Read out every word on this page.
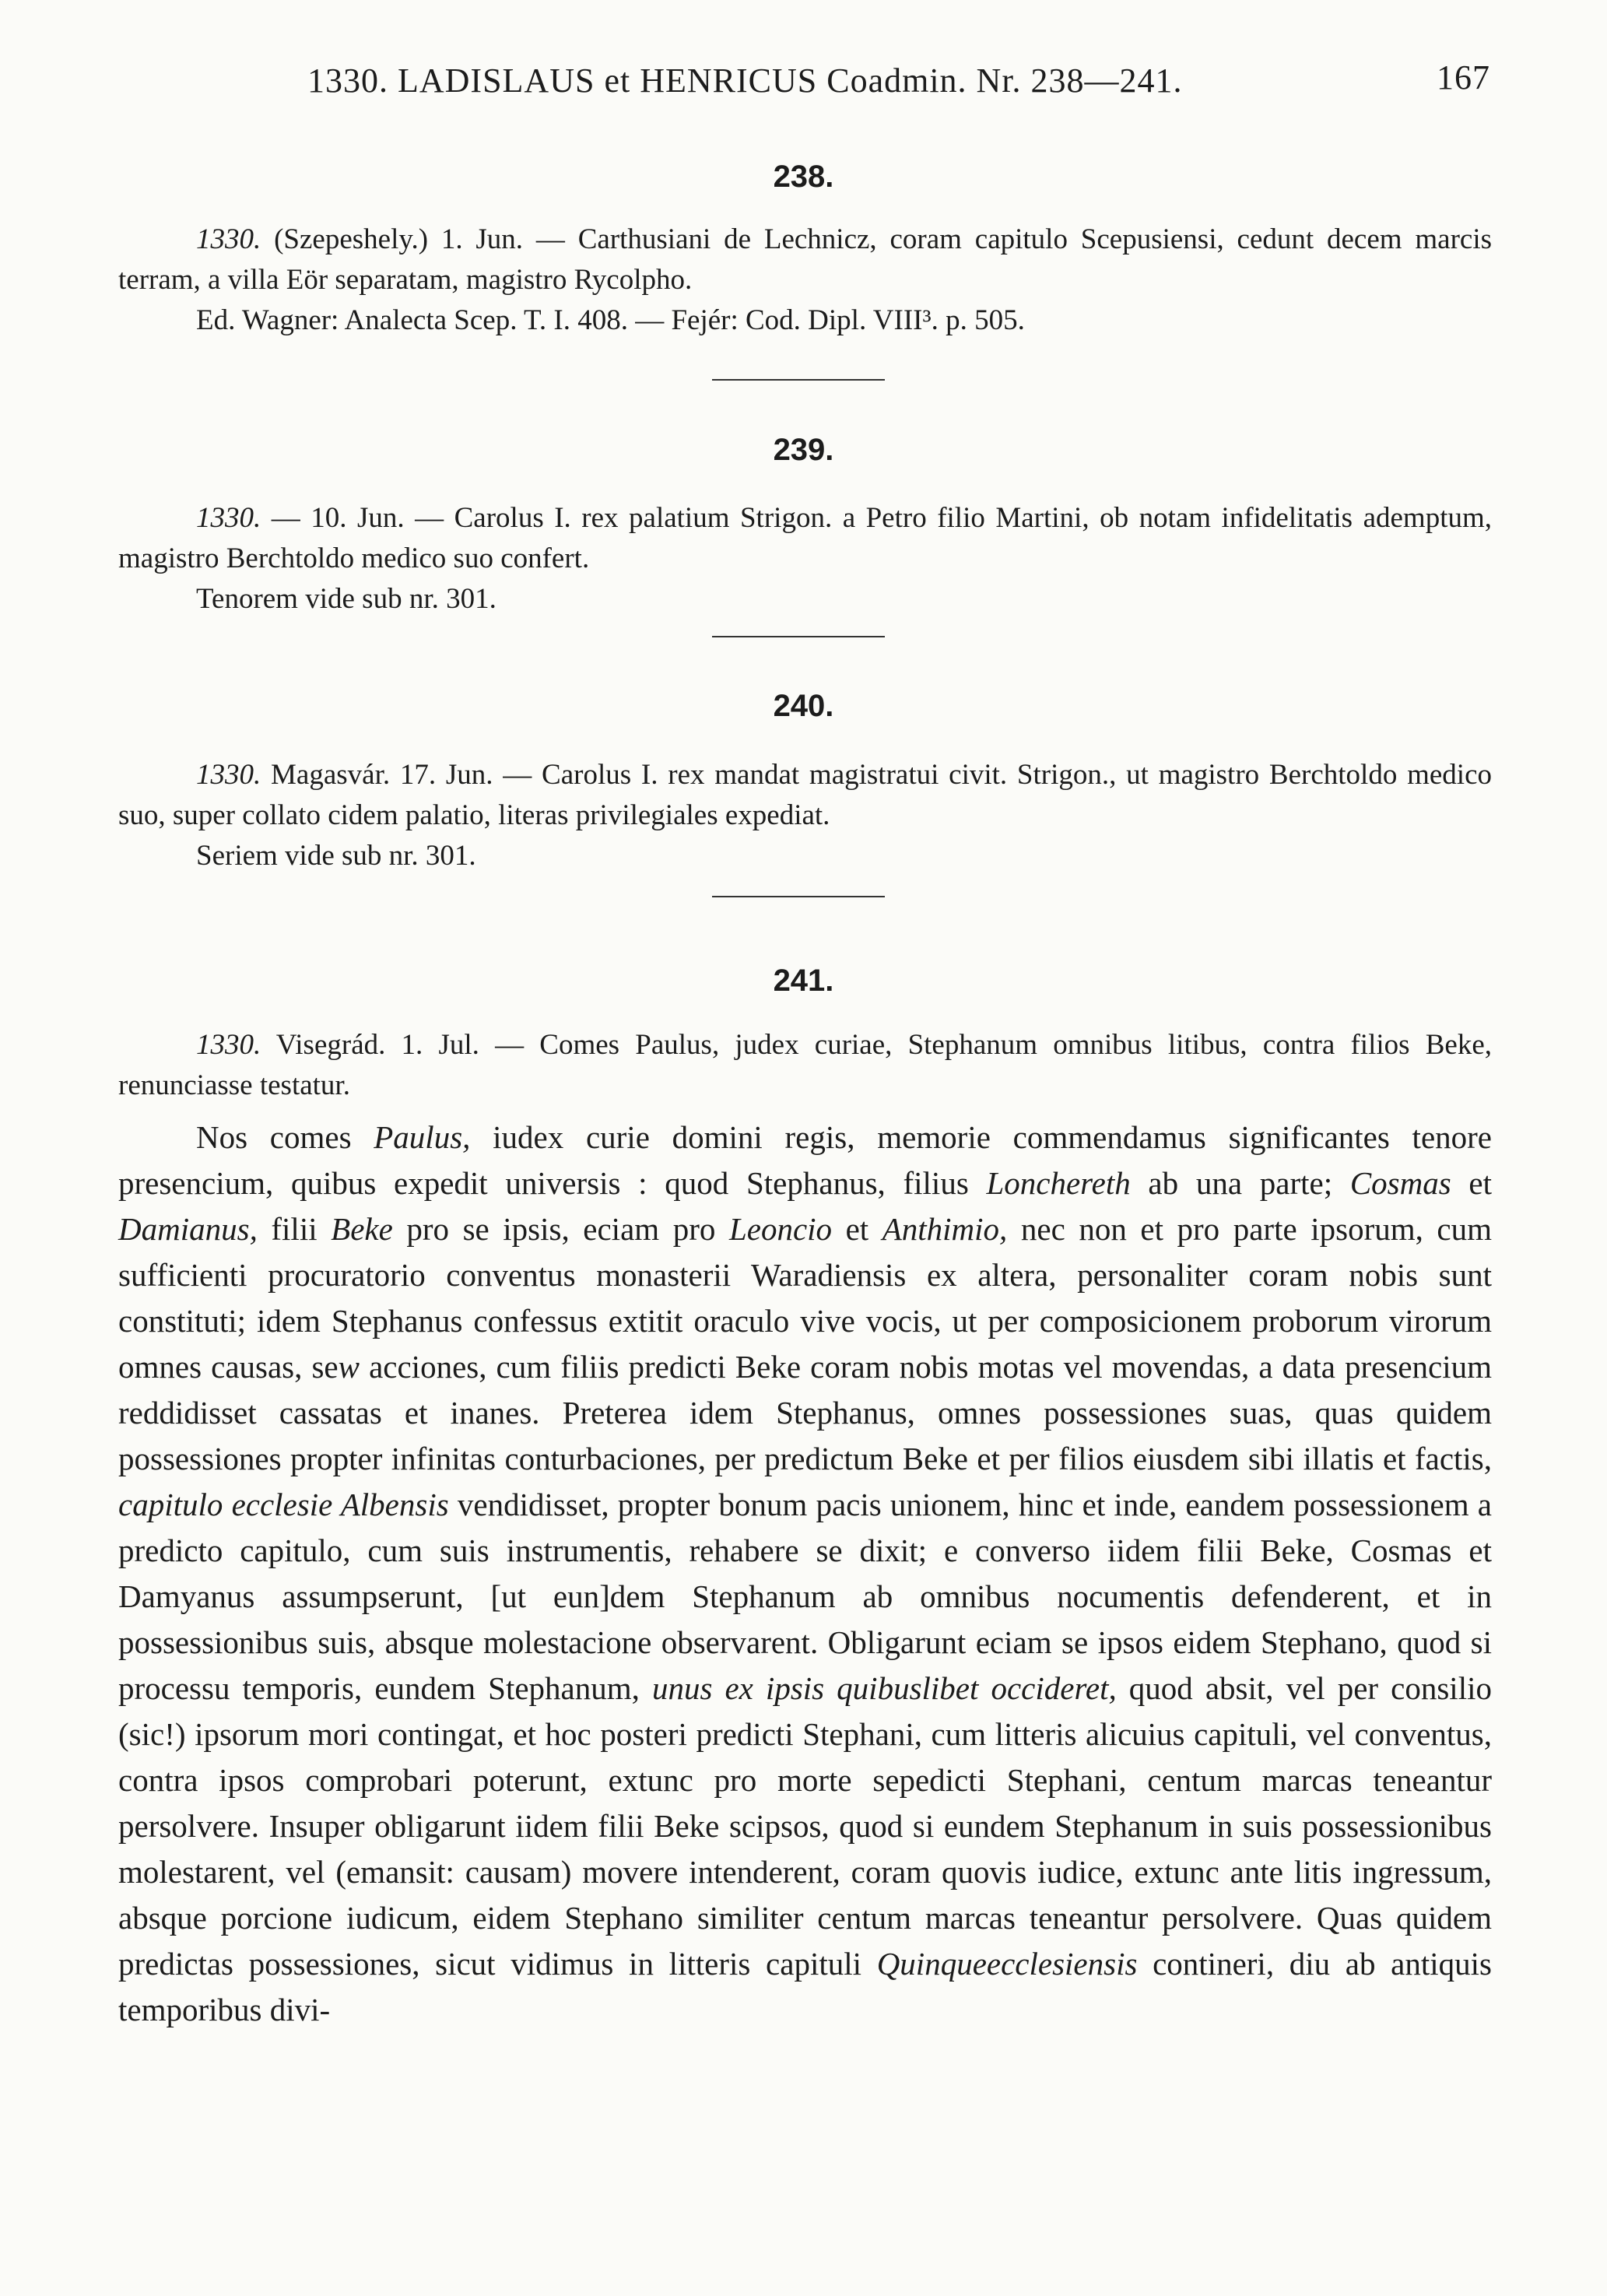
1330. LADISLAUS et HENRICUS Coadmin. Nr. 238—241.	167
238.
1330. (Szepeshely.) 1. Jun. — Carthusiani de Lechnicz, coram capitulo Scepusiensi, cedunt decem marcis terram, a villa Eör separatam, magistro Rycolpho.
Ed. Wagner: Analecta Scep. T. I. 408. — Fejér: Cod. Dipl. VIII³. p. 505.
239.
1330. — 10. Jun. — Carolus I. rex palatium Strigon. a Petro filio Martini, ob notam infidelitatis ademptum, magistro Berchtoldo medico suo confert.
Tenorem vide sub nr. 301.
240.
1330. Magasvár. 17. Jun. — Carolus I. rex mandat magistratui civit. Strigon., ut magistro Berchtoldo medico suo, super collato cidem palatio, literas privilegiales expediat.
Seriem vide sub nr. 301.
241.
1330. Visegrád. 1. Jul. — Comes Paulus, judex curiae, Stephanum omnibus litibus, contra filios Beke, renunciasse testatur.
Nos comes Paulus, iudex curie domini regis, memorie commendamus significantes tenore presencium, quibus expedit universis : quod Stephanus, filius Lonchereth ab una parte; Cosmas et Damianus, filii Beke pro se ipsis, eciam pro Leoncio et Anthimio, nec non et pro parte ipsorum, cum sufficienti procuratorio conventus monasterii Waradiensis ex altera, personaliter coram nobis sunt constituti; idem Stephanus confessus extitit oraculo vive vocis, ut per composicionem proborum virorum omnes causas, sew acciones, cum filiis predicti Beke coram nobis motas vel movendas, a data presencium reddidisset cassatas et inanes. Preterea idem Stephanus, omnes possessiones suas, quas quidem possessiones propter infinitas conturbaciones, per predictum Beke et per filios eiusdem sibi illatis et factis, capitulo ecclesie Albensis vendidisset, propter bonum pacis unionem, hinc et inde, eandem possessionem a predicto capitulo, cum suis instrumentis, rehabere se dixit; e converso iidem filii Beke, Cosmas et Damyanus assumpserunt, [ut eun]dem Stephanum ab omnibus nocumentis defenderent, et in possessionibus suis, absque molestacione observarent. Obligarunt eciam se ipsos eidem Stephano, quod si processu temporis, eundem Stephanum, unus ex ipsis quibuslibet occideret, quod absit, vel per consilio (sic!) ipsorum mori contingat, et hoc posteri predicti Stephani, cum litteris alicuius capituli, vel conventus, contra ipsos comprobari poterunt, extunc pro morte sepedicti Stephani, centum marcas teneantur persolvere. Insuper obligarunt iidem filii Beke scipsos, quod si eundem Stephanum in suis possessionibus molestarent, vel (emansit: causam) movere intenderent, coram quovis iudice, extunc ante litis ingressum, absque porcione iudicum, eidem Stephano similiter centum marcas teneantur persolvere. Quas quidem predictas possessiones, sicut vidimus in litteris capituli Quinqueecclesiensis contineri, diu ab antiquis temporibus divi-
